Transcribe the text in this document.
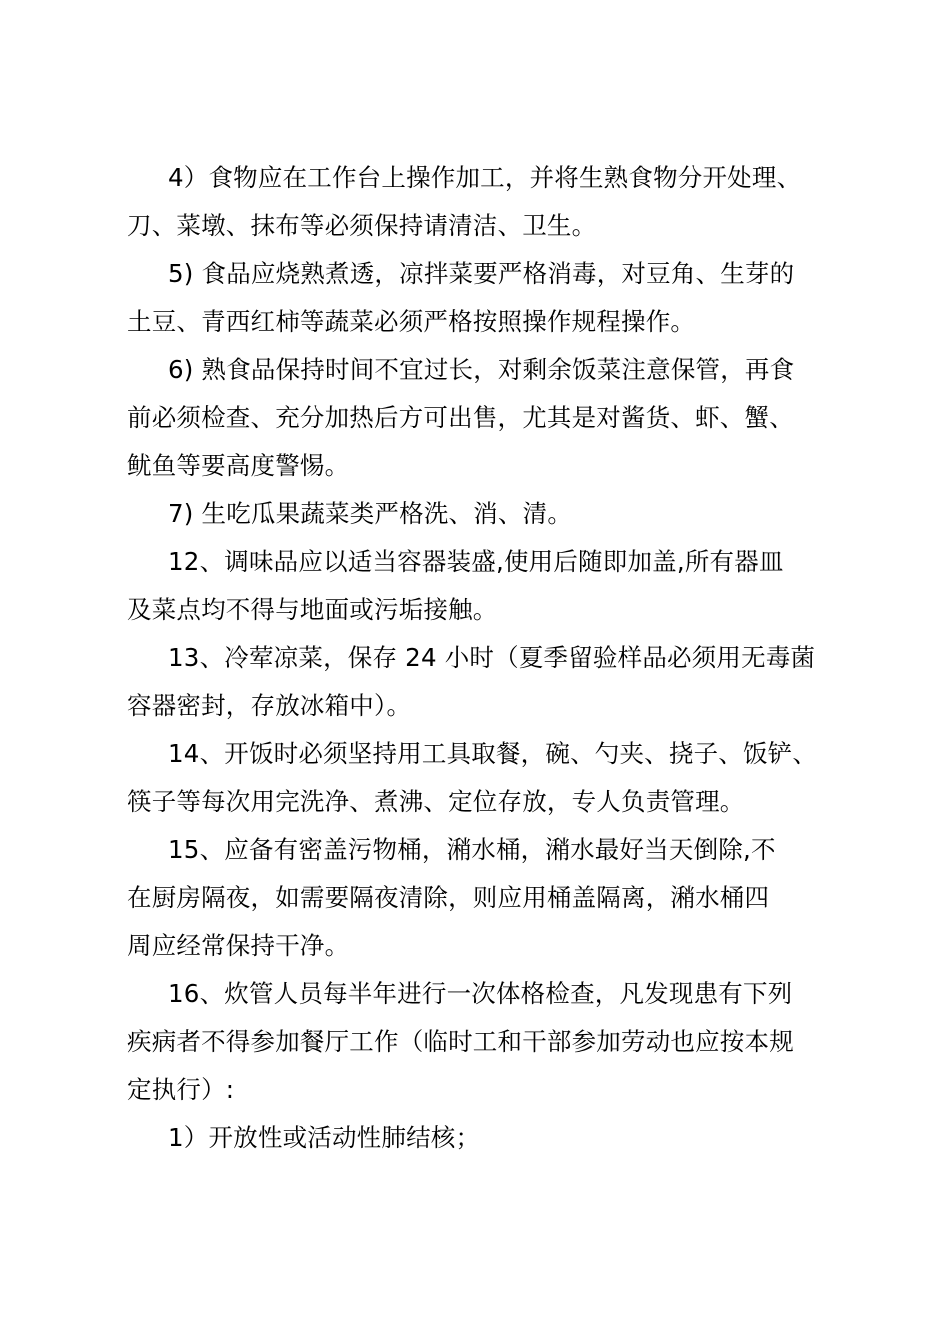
4）食物应在工作台上操作加工，并将生熟食物分开处理、
刀、菜墩、抹布等必须保持请清洁、卫生。
5) 食品应烧熟煮透，凉拌菜要严格消毒，对豆角、生芽的
土豆、青西红柿等蔬菜必须严格按照操作规程操作。
6) 熟食品保持时间不宜过长，对剩余饭菜注意保管，再食
前必须检查、充分加热后方可出售，尤其是对酱货、虾、蟹、
鱿鱼等要高度警惕。
7) 生吃瓜果蔬菜类严格洗、消、清。
12、调味品应以适当容器装盛,使用后随即加盖,所有器皿
及菜点均不得与地面或污垢接触。
13、冷荤凉菜，保存 24 小时（夏季留验样品必须用无毒菌
容器密封，存放冰箱中）。
14、开饭时必须坚持用工具取餐，碗、勺夹、挠子、饭铲、
筷子等每次用完洗净、煮沸、定位存放，专人负责管理。
15、应备有密盖污物桶，潲水桶，潲水最好当天倒除,不
在厨房隔夜，如需要隔夜清除，则应用桶盖隔离，潲水桶四
周应经常保持干净。
16、炊管人员每半年进行一次体格检查，凡发现患有下列
疾病者不得参加餐厅工作（临时工和干部参加劳动也应按本规
定执行）:
1）开放性或活动性肺结核；
